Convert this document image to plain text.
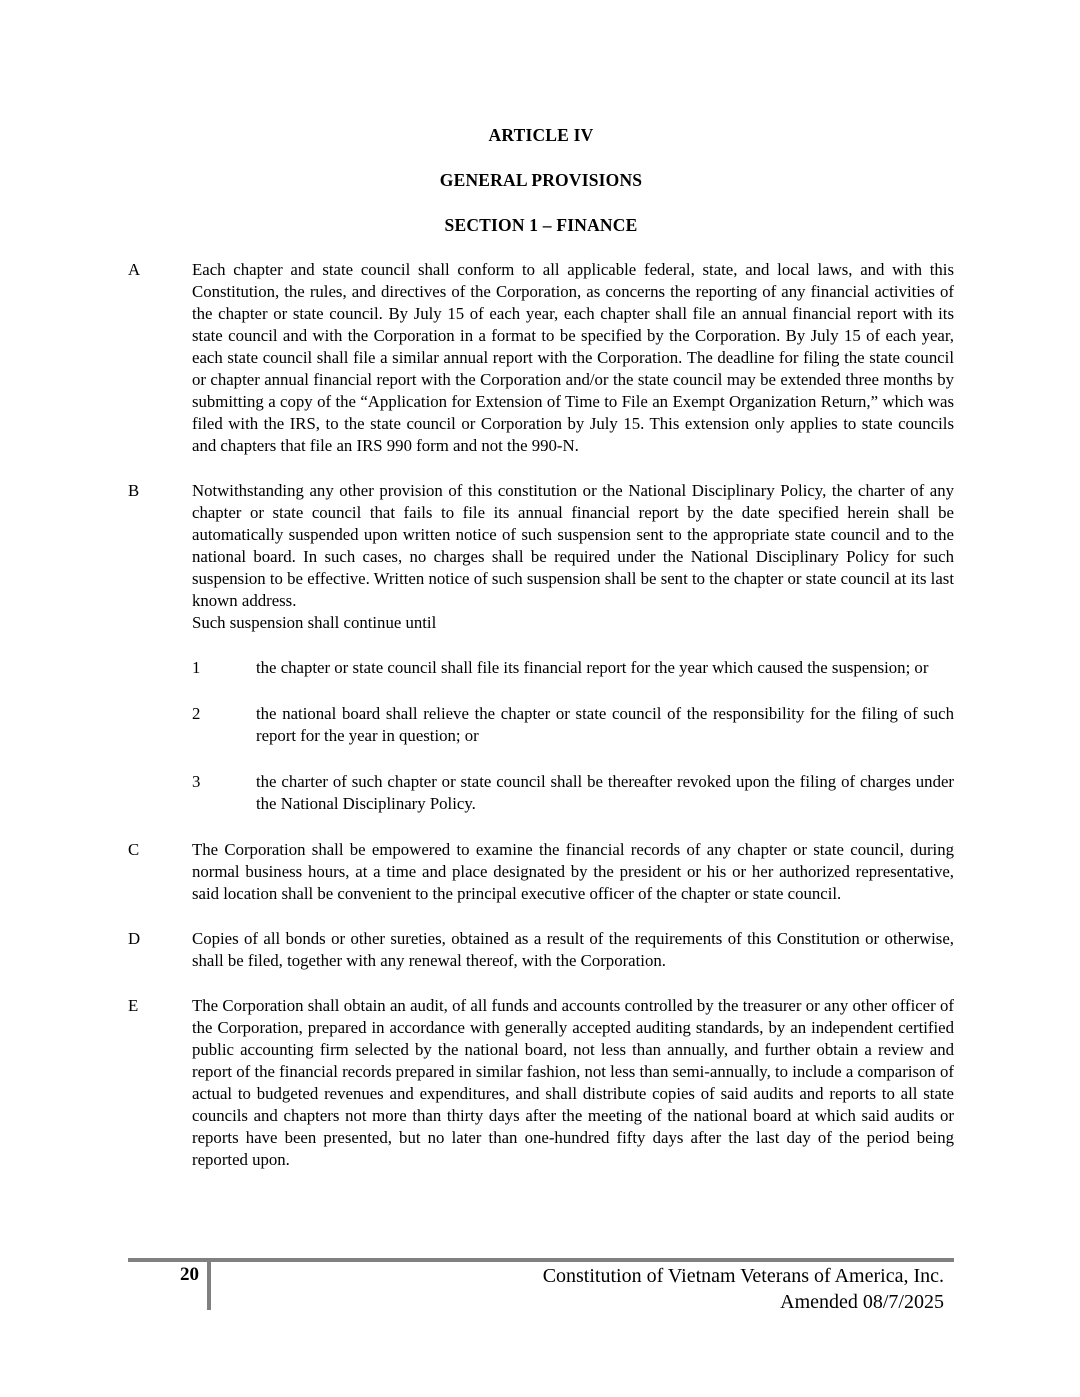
ARTICLE IV
GENERAL PROVISIONS
SECTION 1 – FINANCE
A	Each chapter and state council shall conform to all applicable federal, state, and local laws, and with this Constitution, the rules, and directives of the Corporation, as concerns the reporting of any financial activities of the chapter or state council. By July 15 of each year, each chapter shall file an annual financial report with its state council and with the Corporation in a format to be specified by the Corporation. By July 15 of each year, each state council shall file a similar annual report with the Corporation. The deadline for filing the state council or chapter annual financial report with the Corporation and/or the state council may be extended three months by submitting a copy of the “Application for Extension of Time to File an Exempt Organization Return,” which was filed with the IRS, to the state council or Corporation by July 15. This extension only applies to state councils and chapters that file an IRS 990 form and not the 990-N.
B	Notwithstanding any other provision of this constitution or the National Disciplinary Policy, the charter of any chapter or state council that fails to file its annual financial report by the date specified herein shall be automatically suspended upon written notice of such suspension sent to the appropriate state council and to the national board. In such cases, no charges shall be required under the National Disciplinary Policy for such suspension to be effective. Written notice of such suspension shall be sent to the chapter or state council at its last known address.
Such suspension shall continue until
1	the chapter or state council shall file its financial report for the year which caused the suspension; or
2	the national board shall relieve the chapter or state council of the responsibility for the filing of such report for the year in question; or
3	the charter of such chapter or state council shall be thereafter revoked upon the filing of charges under the National Disciplinary Policy.
C	The Corporation shall be empowered to examine the financial records of any chapter or state council, during normal business hours, at a time and place designated by the president or his or her authorized representative, said location shall be convenient to the principal executive officer of the chapter or state council.
D	Copies of all bonds or other sureties, obtained as a result of the requirements of this Constitution or otherwise, shall be filed, together with any renewal thereof, with the Corporation.
E	The Corporation shall obtain an audit, of all funds and accounts controlled by the treasurer or any other officer of the Corporation, prepared in accordance with generally accepted auditing standards, by an independent certified public accounting firm selected by the national board, not less than annually, and further obtain a review and report of the financial records prepared in similar fashion, not less than semi-annually, to include a comparison of actual to budgeted revenues and expenditures, and shall distribute copies of said audits and reports to all state councils and chapters not more than thirty days after the meeting of the national board at which said audits or reports have been presented, but no later than one-hundred fifty days after the last day of the period being reported upon.
20	Constitution of Vietnam Veterans of America, Inc.
Amended 08/7/2025
